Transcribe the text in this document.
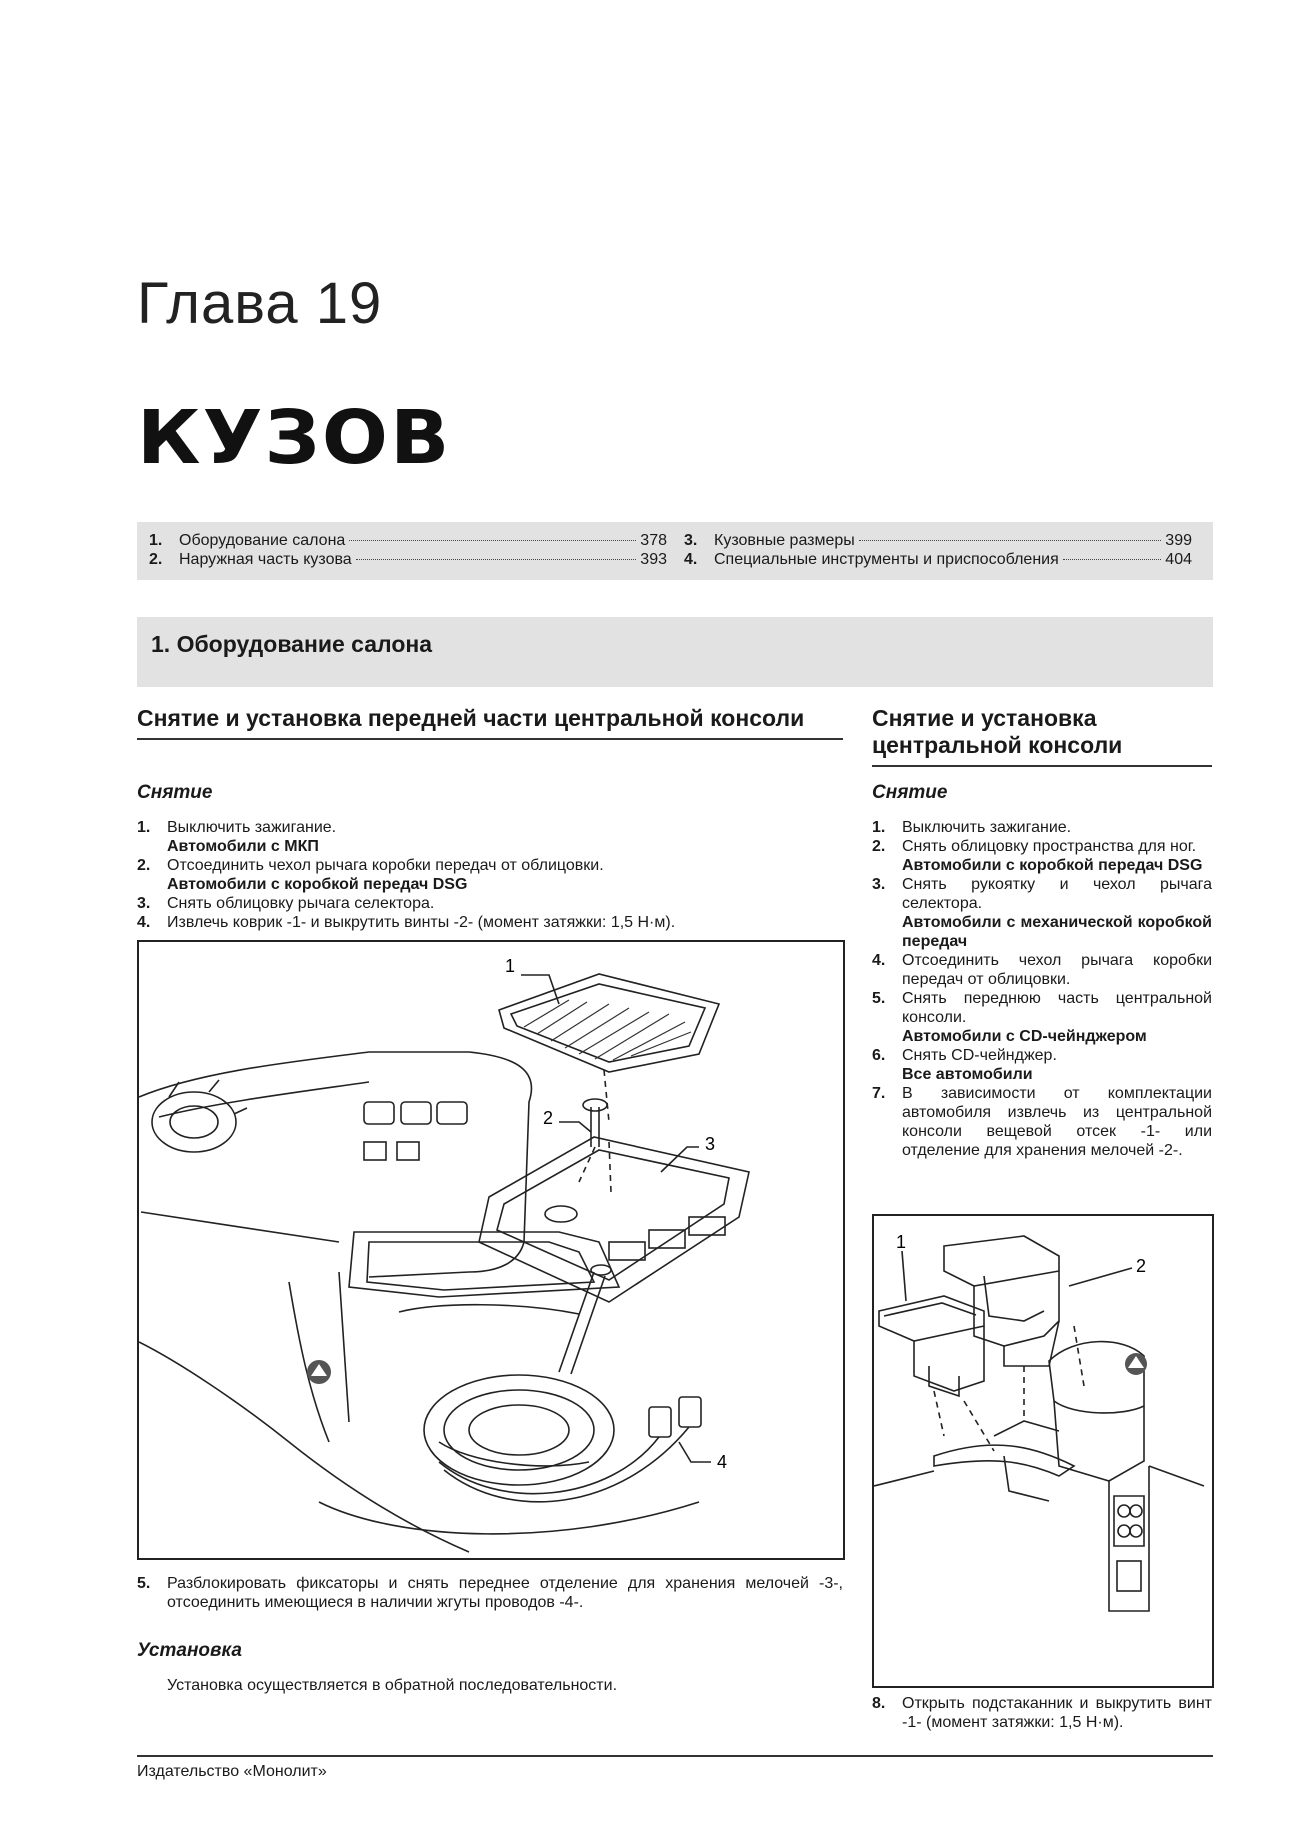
Глава 19
КУЗОВ
1.	Оборудование салона	378
2.	Наружная часть кузова	393
3.	Кузовные размеры	399
4.	Специальные инструменты и приспособления	404
1. Оборудование салона
Снятие и установка передней части центральной консоли
Снятие
1.	Выключить зажигание.
Автомобили с МКП
2.	Отсоединить чехол рычага коробки передач от облицовки.
Автомобили с коробкой передач DSG
3.	Снять облицовку рычага селектора.
4.	Извлечь коврик -1- и выкрутить винты -2- (момент затяжки: 1,5 Н·м).
1
2
3
4
5.	Разблокировать фиксаторы и снять переднее отделение для хранения мелочей -3-, отсоединить имеющиеся в наличии жгуты проводов -4-.
Установка
Установка осуществляется в обратной последовательности.
Снятие и установка центральной консоли
Снятие
1.	Выключить зажигание.
2.	Снять облицовку пространства для ног.
Автомобили с коробкой передач DSG
3.	Снять рукоятку и чехол рычага селектора.
Автомобили с механической коробкой передач
4.	Отсоединить чехол рычага коробки передач от облицовки.
5.	Снять переднюю часть центральной консоли.
Автомобили с CD-чейнджером
6.	Снять CD-чейнджер.
Все автомобили
7.	В зависимости от комплектации автомобиля извлечь из центральной консоли вещевой отсек -1- или отделение для хранения мелочей -2-.
1
2
8.	Открыть подстаканник и выкрутить винт -1- (момент затяжки: 1,5 Н·м).
Издательство «Монолит»
